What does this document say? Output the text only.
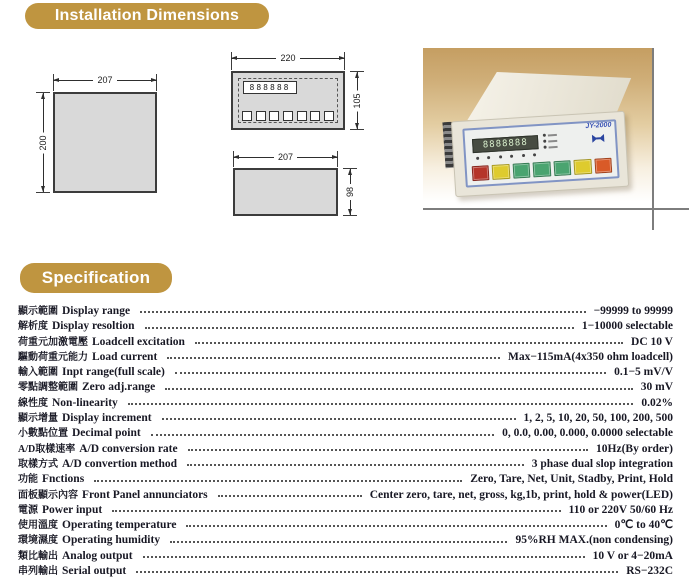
Installation Dimensions
Specification
207
200
220
105
888888
207
98
8888888
JY-2000
顯示範圍 Display range	−99999 to 99999
解析度 Display resoltion	1−10000 selectable
荷重元加激電壓 Loadcell excitation	DC 10 V
驅動荷重元能力 Load current	Max−115mA(4x350 ohm loadcell)
輸入範圍 Inpt range(full scale)	0.1−5 mV/V
零點調整範圍 Zero adj.range	30 mV
線性度 Non-linearity	0.02%
顯示增量 Display increment	1, 2, 5, 10, 20, 50, 100, 200, 500
小數點位置 Decimal point	0, 0.0, 0.00, 0.000, 0.0000 selectable
A/D取樣速率 A/D conversion rate	10Hz(By order)
取樣方式 A/D convertion method	3 phase dual slop integration
功能 Fnctions	Zero, Tare, Net, Unit, Stadby, Print, Hold
面板顯示內容 Front Panel annunciators	Center zero, tare, net, gross, kg,1b, print, hold & power(LED)
電源 Power input	110 or 220V 50/60 Hz
使用溫度 Operating temperature	0℃ to 40℃
環境濕度 Operating humidity	95%RH MAX.(non condensing)
類比輸出 Analog output	10 V or 4−20mA
串列輸出 Serial output	RS−232C
